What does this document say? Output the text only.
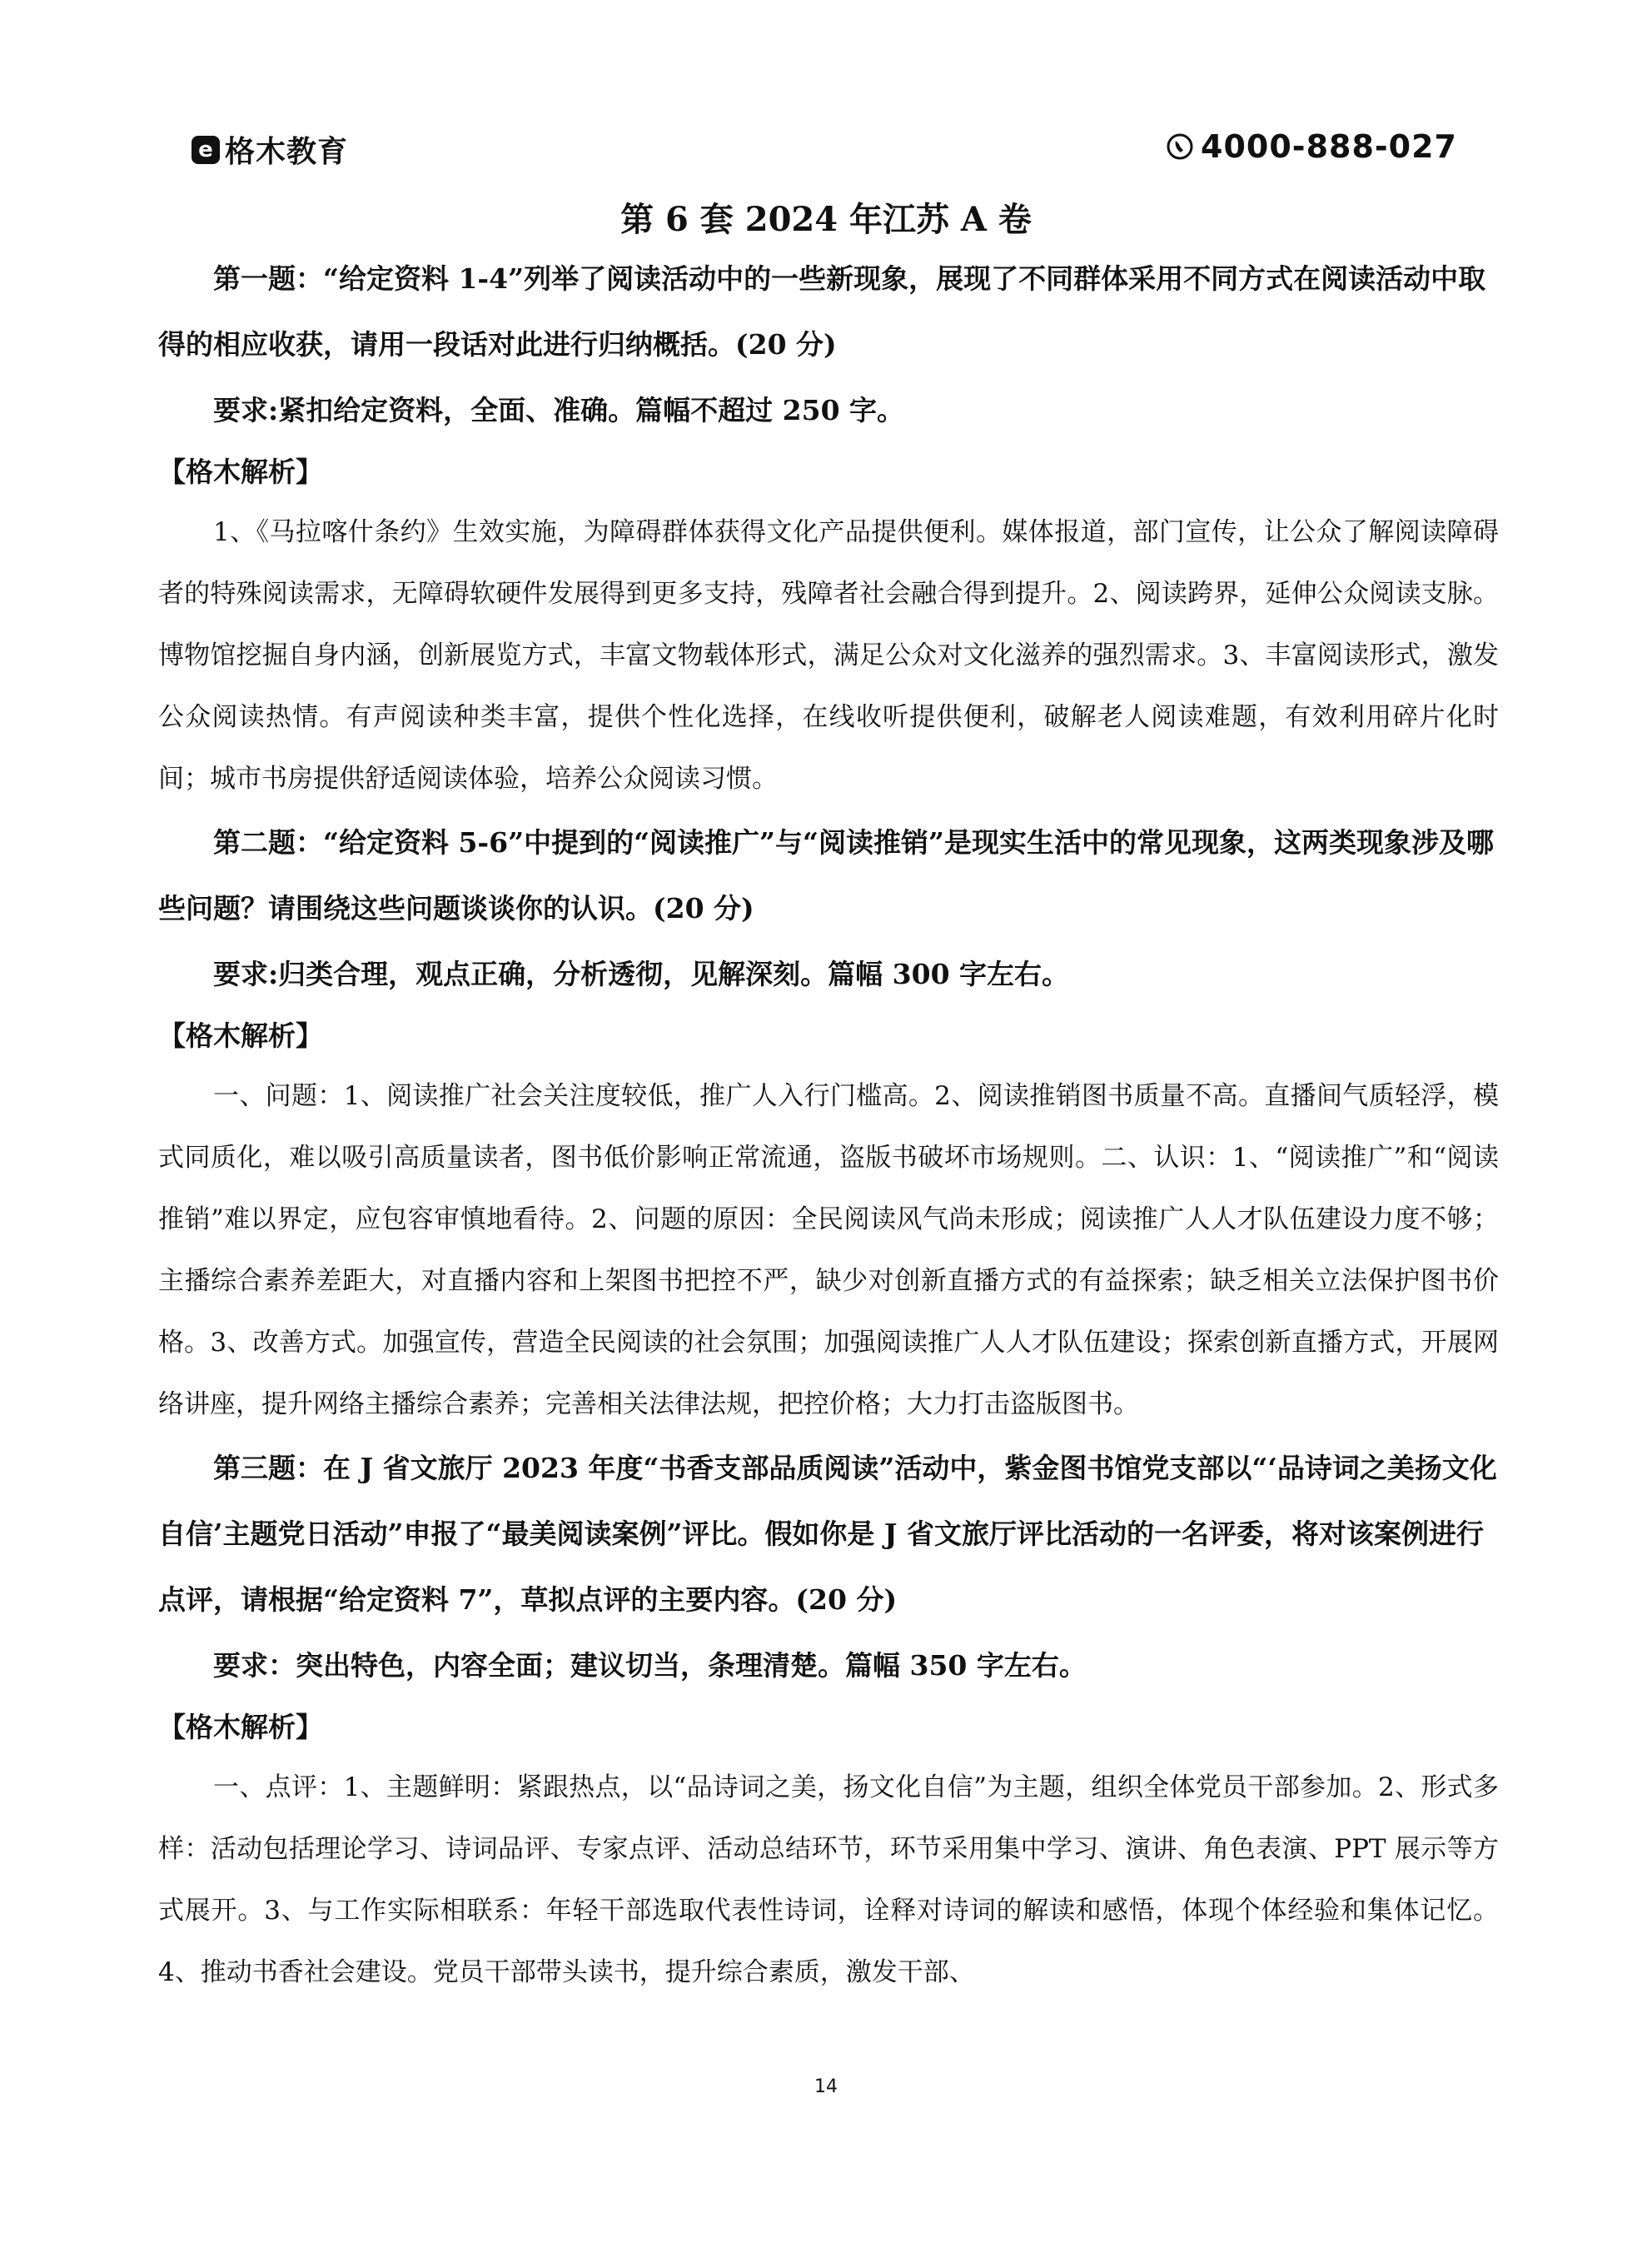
e 格木教育	4000-888-027
第 6 套 2024 年江苏 A 卷

第一题：“给定资料 1-4”列举了阅读活动中的一些新现象，展现了不同群体采用不同方式在阅读活动中取得的相应收获，请用一段话对此进行归纳概括。(20 分)

要求:紧扣给定资料，全面、准确。篇幅不超过 250 字。

【格木解析】

1、《马拉喀什条约》生效实施，为障碍群体获得文化产品提供便利。媒体报道，部门宣传，让公众了解阅读障碍者的特殊阅读需求，无障碍软硬件发展得到更多支持，残障者社会融合得到提升。2、阅读跨界，延伸公众阅读支脉。博物馆挖掘自身内涵，创新展览方式，丰富文物载体形式，满足公众对文化滋养的强烈需求。3、丰富阅读形式，激发公众阅读热情。有声阅读种类丰富，提供个性化选择，在线收听提供便利，破解老人阅读难题，有效利用碎片化时间；城市书房提供舒适阅读体验，培养公众阅读习惯。

第二题：“给定资料 5-6”中提到的“阅读推广”与“阅读推销”是现实生活中的常见现象，这两类现象涉及哪些问题？请围绕这些问题谈谈你的认识。(20 分)

要求:归类合理，观点正确，分析透彻，见解深刻。篇幅 300 字左右。

【格木解析】

一、问题：1、阅读推广社会关注度较低，推广人入行门槛高。2、阅读推销图书质量不高。直播间气质轻浮，模式同质化，难以吸引高质量读者，图书低价影响正常流通，盗版书破坏市场规则。二、认识：1、“阅读推广”和“阅读推销”难以界定，应包容审慎地看待。2、问题的原因：全民阅读风气尚未形成；阅读推广人人才队伍建设力度不够；主播综合素养差距大，对直播内容和上架图书把控不严，缺少对创新直播方式的有益探索；缺乏相关立法保护图书价格。3、改善方式。加强宣传，营造全民阅读的社会氛围；加强阅读推广人人才队伍建设；探索创新直播方式，开展网络讲座，提升网络主播综合素养；完善相关法律法规，把控价格；大力打击盗版图书。

第三题：在 J 省文旅厅 2023 年度“书香支部品质阅读”活动中，紫金图书馆党支部以“‘品诗词之美扬文化自信’主题党日活动”申报了“最美阅读案例”评比。假如你是 J 省文旅厅评比活动的一名评委，将对该案例进行点评，请根据“给定资料 7”，草拟点评的主要内容。(20 分)

要求：突出特色，内容全面；建议切当，条理清楚。篇幅 350 字左右。

【格木解析】

一、点评：1、主题鲜明：紧跟热点，以“品诗词之美，扬文化自信”为主题，组织全体党员干部参加。2、形式多样：活动包括理论学习、诗词品评、专家点评、活动总结环节，环节采用集中学习、演讲、角色表演、PPT 展示等方式展开。3、与工作实际相联系：年轻干部选取代表性诗词，诠释对诗词的解读和感悟，体现个体经验和集体记忆。4、推动书香社会建设。党员干部带头读书，提升综合素质，激发干部、

14
